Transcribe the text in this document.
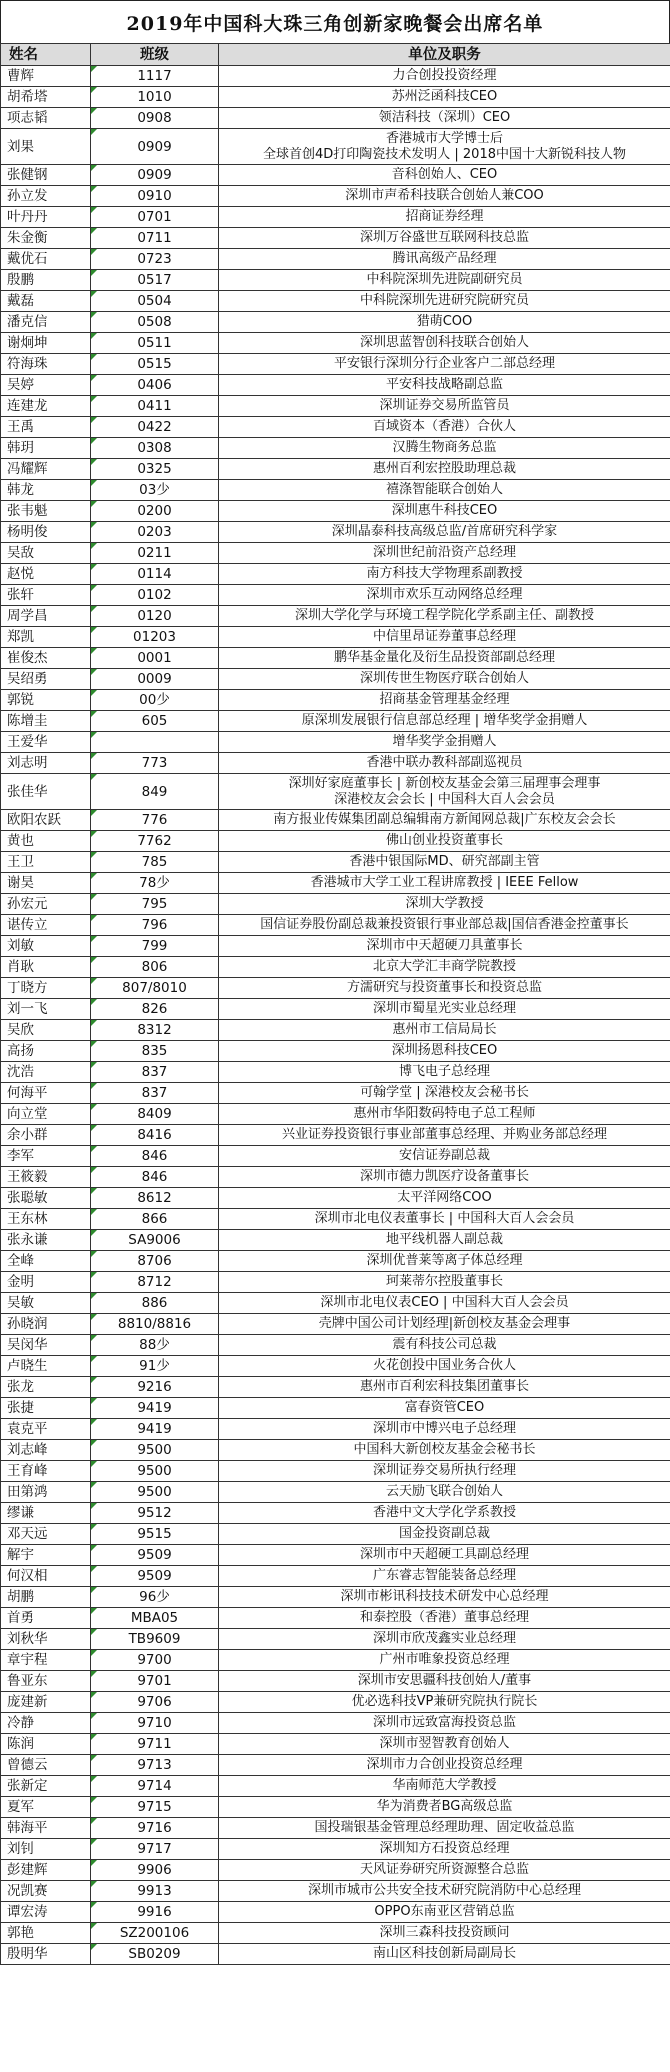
2019年中国科大珠三角创新家晚餐会出席名单
姓名	班级	单位及职务
曹辉	1117	力合创投投资经理

胡希塔	1010	苏州泛函科技CEO

项志韬	0908	领洁科技（深圳）CEO

刘果	0909	香港城市大学博士后
全球首创4D打印陶瓷技术发明人 | 2018中国十大新锐科技人物

张健钢	0909	音科创始人、CEO

孙立发	0910	深圳市声希科技联合创始人兼COO

叶丹丹	0701	招商证券经理

朱金衡	0711	深圳万谷盛世互联网科技总监

戴优石	0723	腾讯高级产品经理

殷鹏	0517	中科院深圳先进院副研究员

戴磊	0504	中科院深圳先进研究院研究员

潘克信	0508	猎萌COO

谢炯坤	0511	深圳思蓝智创科技联合创始人

符海珠	0515	平安银行深圳分行企业客户二部总经理

吴婷	0406	平安科技战略副总监

连建龙	0411	深圳证券交易所监管员

王禹	0422	百域资本（香港）合伙人

韩玥	0308	汉腾生物商务总监

冯耀辉	0325	惠州百利宏控股助理总裁

韩龙	03少	禧涤智能联合创始人

张韦魁	0200	深圳惠牛科技CEO

杨明俊	0203	深圳晶泰科技高级总监/首席研究科学家

吴敌	0211	深圳世纪前沿资产总经理

赵悦	0114	南方科技大学物理系副教授

张轩	0102	深圳市欢乐互动网络总经理

周学昌	0120	深圳大学化学与环境工程学院化学系副主任、副教授

郑凯	01203	中信里昂证券董事总经理

崔俊杰	0001	鹏华基金量化及衍生品投资部副总经理

吴绍勇	0009	深圳传世生物医疗联合创始人

郭锐	00少	招商基金管理基金经理

陈增圭	605	原深圳发展银行信息部总经理 | 增华奖学金捐赠人

王爱华		增华奖学金捐赠人

刘志明	773	香港中联办教科部副巡视员

张佳华	849	深圳好家庭董事长 | 新创校友基金会第三届理事会理事
深港校友会会长 | 中国科大百人会会员

欧阳农跃	776	南方报业传媒集团副总编辑南方新闻网总裁|广东校友会会长

黄也	7762	佛山创业投资董事长

王卫	785	香港中银国际MD、研究部副主管

谢昊	78少	香港城市大学工业工程讲席教授 | IEEE Fellow

孙宏元	795	深圳大学教授

谌传立	796	国信证券股份副总裁兼投资银行事业部总裁|国信香港金控董事长

刘敏	799	深圳市中天超硬刀具董事长

肖耿	806	北京大学汇丰商学院教授

丁晓方	807/8010	方濡研究与投资董事长和投资总监

刘一飞	826	深圳市蜀星光实业总经理

吴欣	8312	惠州市工信局局长

高扬	835	深圳扬恩科技CEO

沈浩	837	博飞电子总经理

何海平	837	可翰学堂 | 深港校友会秘书长

向立堂	8409	惠州市华阳数码特电子总工程师

余小群	8416	兴业证券投资银行事业部董事总经理、并购业务部总经理

李军	846	安信证券副总裁

王筱毅	846	深圳市德力凯医疗设备董事长

张聪敏	8612	太平洋网络COO

王东林	866	深圳市北电仪表董事长 | 中国科大百人会会员

张永谦	SA9006	地平线机器人副总裁

全峰	8706	深圳优普莱等离子体总经理

金明	8712	珂莱蒂尔控股董事长

吴敏	886	深圳市北电仪表CEO | 中国科大百人会会员

孙晓润	8810/8816	壳牌中国公司计划经理|新创校友基金会理事

吴闵华	88少	震有科技公司总裁

卢晓生	91少	火花创投中国业务合伙人

张龙	9216	惠州市百利宏科技集团董事长

张捷	9419	富春资管CEO

袁克平	9419	深圳市中博兴电子总经理

刘志峰	9500	中国科大新创校友基金会秘书长

王育峰	9500	深圳证券交易所执行经理

田第鸿	9500	云天励飞联合创始人

缪谦	9512	香港中文大学化学系教授

邓天远	9515	国金投资副总裁

解宇	9509	深圳市中天超硬工具副总经理

何汉相	9509	广东睿志智能装备总经理

胡鹏	96少	深圳市彬讯科技技术研发中心总经理

首勇	MBA05	和泰控股（香港）董事总经理

刘秋华	TB9609	深圳市欣茂鑫实业总经理

章宇程	9700	广州市唯象投资总经理

鲁亚东	9701	深圳市安思疆科技创始人/董事

庞建新	9706	优必选科技VP兼研究院执行院长

冷静	9710	深圳市远致富海投资总监

陈润	9711	深圳市翌智教育创始人

曾德云	9713	深圳市力合创业投资总经理

张新定	9714	华南师范大学教授

夏军	9715	华为消费者BG高级总监

韩海平	9716	国投瑞银基金管理总经理助理、固定收益总监

刘钊	9717	深圳知方石投资总经理

彭建辉	9906	天风证券研究所资源整合总监

况凯赛	9913	深圳市城市公共安全技术研究院消防中心总经理

谭宏涛	9916	OPPO东南亚区营销总监

郭艳	SZ200106	深圳三森科技投资顾问

殷明华	SB0209	南山区科技创新局副局长
